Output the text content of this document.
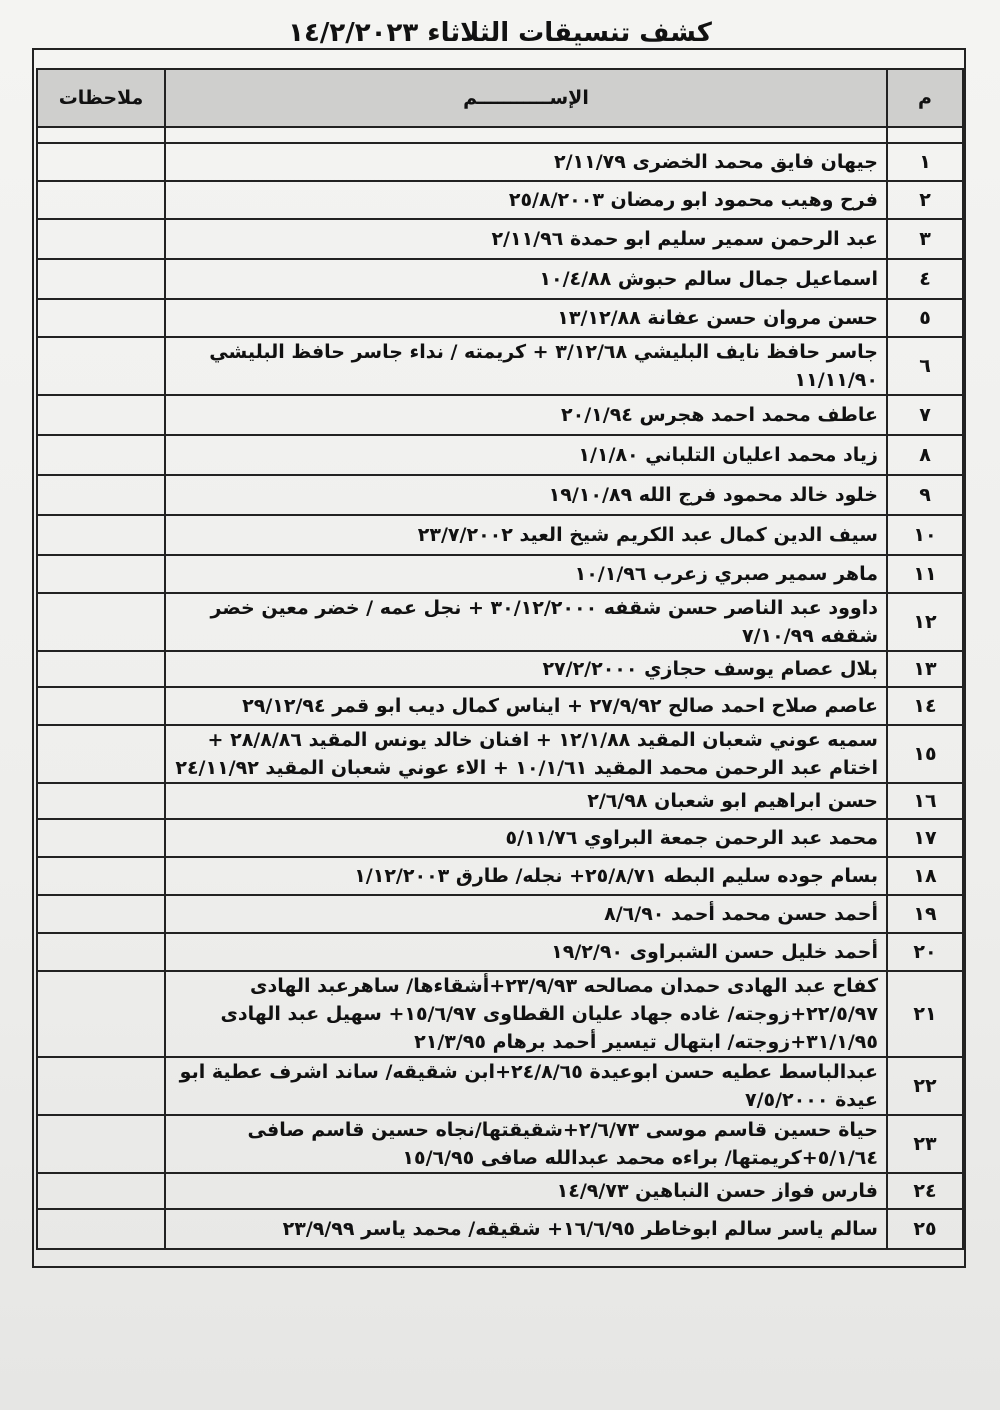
كشف تنسيقات الثلاثاء ١٤/٢/٢٠٢٣
م	الإســـــــــــم	ملاحظات

١	جيهان فايق محمد الخضرى ٢/١١/٧٩	
٢	فرح وهيب محمود ابو رمضان ٢٥/٨/٢٠٠٣	
٣	عبد الرحمن سمير سليم ابو حمدة ٢/١١/٩٦	
٤	اسماعيل جمال سالم حبوش ١٠/٤/٨٨	
٥	حسن مروان حسن عفانة ١٣/١٢/٨٨	
٦	جاسر حافظ نايف البليشي ٣/١٢/٦٨ + كريمته / نداء جاسر حافظ البليشي ١١/١١/٩٠	
٧	عاطف محمد احمد هجرس ٢٠/١/٩٤	
٨	زياد محمد اعليان التلباني ١/١/٨٠	
٩	خلود خالد محمود فرج الله ١٩/١٠/٨٩	
١٠	سيف الدين كمال عبد الكريم شيخ العيد ٢٣/٧/٢٠٠٢	
١١	ماهر سمير صبري زعرب ١٠/١/٩٦	
١٢	داوود عبد الناصر حسن شقفه ٣٠/١٢/٢٠٠٠ + نجل عمه / خضر معين خضر شقفه ٧/١٠/٩٩	
١٣	بلال عصام يوسف حجازي ٢٧/٢/٢٠٠٠	
١٤	عاصم صلاح احمد صالح ٢٧/٩/٩٢ + ايناس كمال ديب ابو قمر ٢٩/١٢/٩٤	
١٥	سميه عوني شعبان المقيد ١٢/١/٨٨ + افنان خالد يونس المقيد ٢٨/٨/٨٦ + اختام عبد الرحمن محمد المقيد ١٠/١/٦١ + الاء عوني شعبان المقيد ٢٤/١١/٩٢	
١٦	حسن ابراهيم ابو شعبان ٢/٦/٩٨	
١٧	محمد عبد الرحمن جمعة البراوي ٥/١١/٧٦	
١٨	بسام جوده سليم البطه ٢٥/٨/٧١+ نجله/ طارق ١/١٢/٢٠٠٣	
١٩	أحمد حسن محمد أحمد ٨/٦/٩٠	
٢٠	أحمد خليل حسن الشبراوى ١٩/٢/٩٠	
٢١	كفاح عبد الهادى حمدان مصالحه ٢٣/٩/٩٣+أشقاءها/ ساهرعبد الهادى ٢٢/٥/٩٧+زوجته/ غاده جهاد عليان القطاوى ١٥/٦/٩٧+ سهيل عبد الهادى ٣١/١/٩٥+زوجته/ ابتهال تيسير أحمد برهام ٢١/٣/٩٥	
٢٢	عبدالباسط عطيه حسن ابوعيدة ٢٤/٨/٦٥+ابن شقيقه/ ساند اشرف عطية ابو عيدة ٧/٥/٢٠٠٠	
٢٣	حياة حسين قاسم موسى ٢/٦/٧٣+شقيقتها/نجاه حسين قاسم صافى ٥/١/٦٤+كريمتها/ براءه محمد عبدالله صافى ١٥/٦/٩٥	
٢٤	فارس فواز حسن النباهين ١٤/٩/٧٣	
٢٥	سالم ياسر سالم ابوخاطر ١٦/٦/٩٥+ شقيقه/ محمد ياسر ٢٣/٩/٩٩	
